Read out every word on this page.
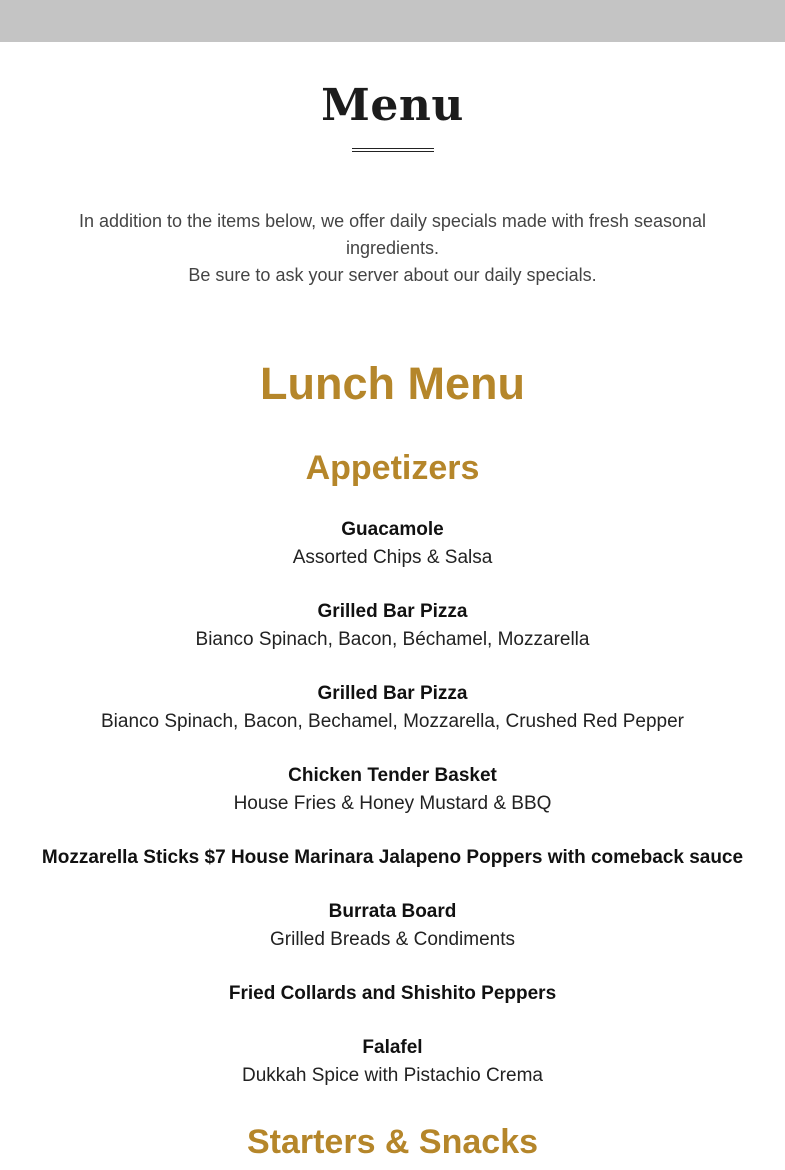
Menu

In addition to the items below, we offer daily specials made with fresh seasonal ingredients.

Be sure to ask your server about our daily specials.

Lunch Menu
Appetizers
Guacamole
Assorted Chips & Salsa
Grilled Bar Pizza
Bianco Spinach, Bacon, Béchamel, Mozzarella
Grilled Bar Pizza
Bianco Spinach, Bacon, Bechamel, Mozzarella, Crushed Red Pepper
Chicken Tender Basket
House Fries & Honey Mustard & BBQ
Mozzarella Sticks $7 House Marinara Jalapeno Poppers with comeback sauce
Burrata Board
Grilled Breads & Condiments
Fried Collards and Shishito Peppers
Falafel
Dukkah Spice with Pistachio Crema
Starters & Snacks
